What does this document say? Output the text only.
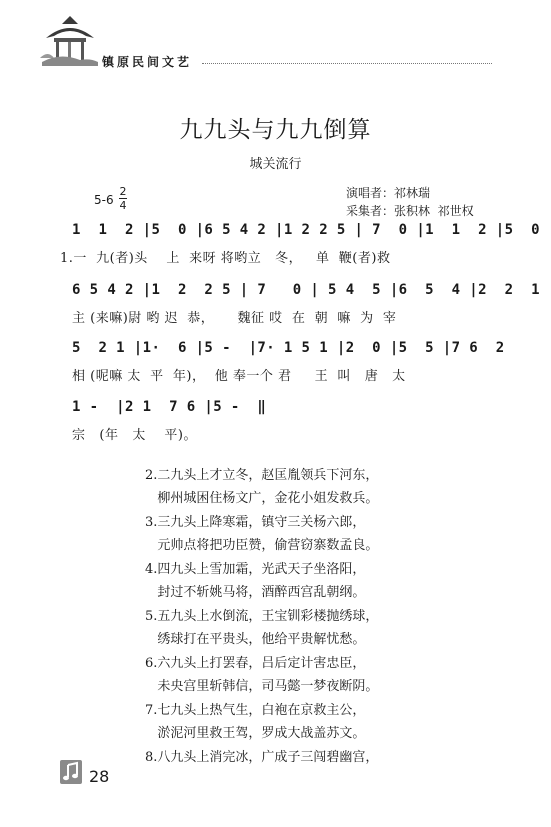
镇原民间文艺
九九头与九九倒算
城关流行
5-6
2
4
演唱者：祁林瑞
采集者：张积林  祁世权
1  1  2 |5  0 |6 5 4 2 |1 2 2 5 | 7  0 |1  1  2 |5  0
1.一  九(者)头    上  来呀 将哟立   冬，   单  鞭(者)救
6 5 4 2 |1  2  2 5 | 7   0 | 5 4  5 |6  5  4 |2  2  1
主 (来嘛)尉 哟 迟  恭，     魏征 哎  在  朝  嘛  为  宰
5  2 1 |1·  6 |5 -  |7· 1 5 1 |2  0 |5  5 |7 6  2
相 (呢嘛 太  平  年)，  他 奉一个 君     王  叫   唐   太
1 -  |2 1  7 6 |5 -  ‖
宗   (年   太    平)。
2.二九头上才立冬，赵匡胤领兵下河东，
柳州城困住杨文广，金花小姐发救兵。
3.三九头上降寒霜，镇守三关杨六郎，
元帅点将把功臣赞，偷营窃寨数孟良。
4.四九头上雪加霜，光武天子坐洛阳，
封过不斩姚马将，酒醉西宫乱朝纲。
5.五九头上水倒流，王宝钏彩楼抛绣球，
绣球打在平贵头，他给平贵解忧愁。
6.六九头上打罢春，吕后定计害忠臣，
未央宫里斩韩信，司马懿一梦夜断阴。
7.七九头上热气生，白袍在京救主公，
淤泥河里救王驾，罗成大战盖苏文。
8.八九头上消完冰，广成子三闯碧幽宫，
28
